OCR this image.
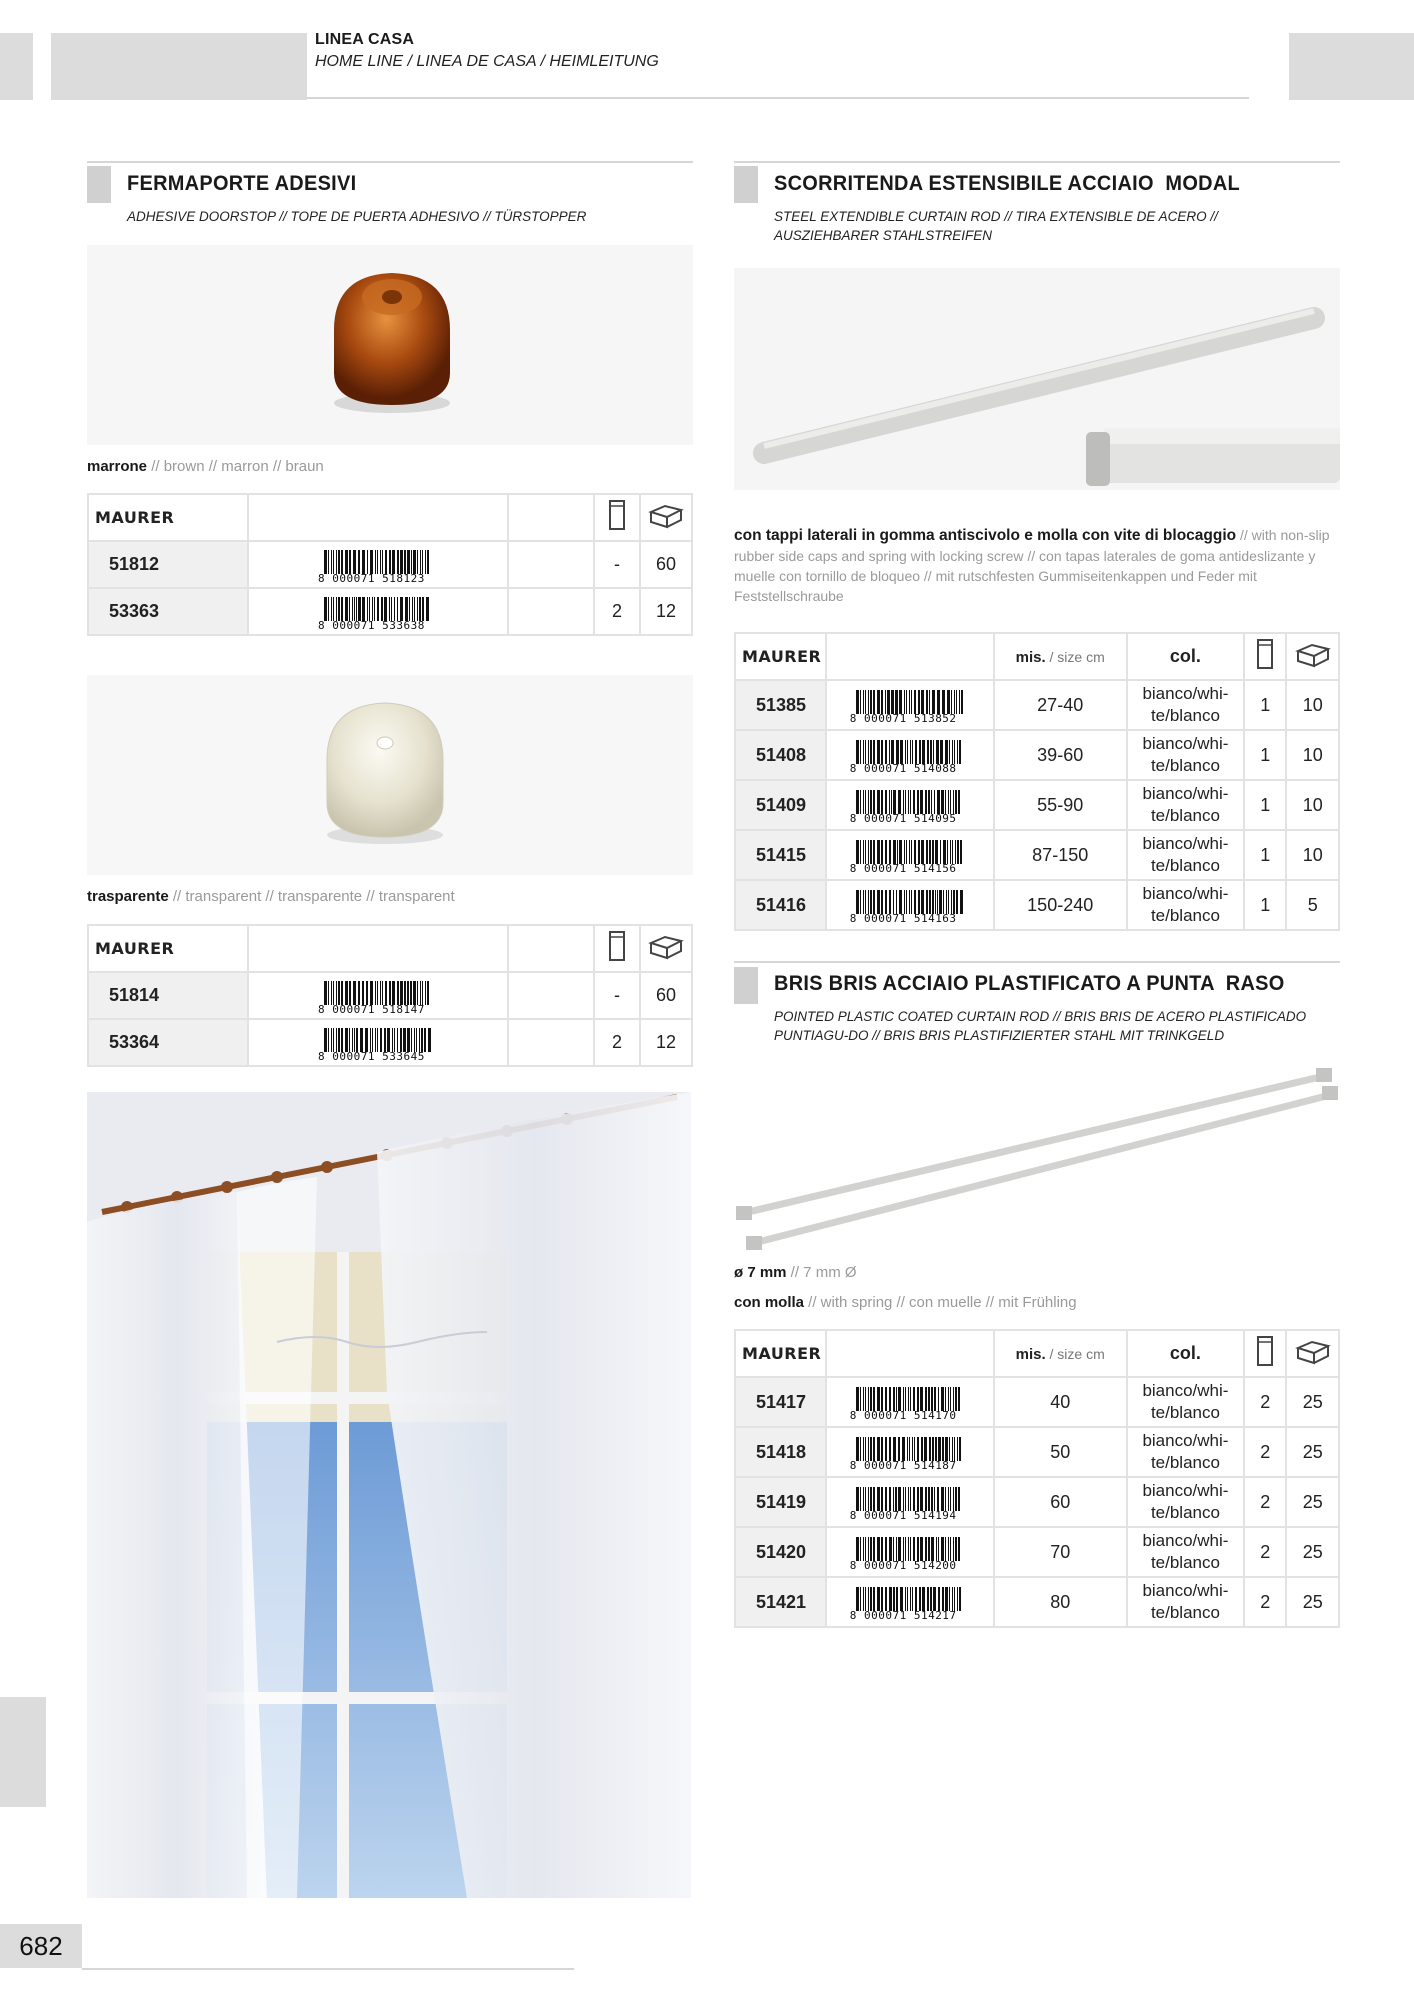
LINEA CASA
HOME LINE / LINEA DE CASA / HEIMLEITUNG
FERMAPORTE ADESIVI
ADHESIVE DOORSTOP // TOPE DE PUERTA ADHESIVO // TÜRSTOPPER
marrone // brown // marron // braun
MAURER				
51812	8 000071 518123		-	60
53363	8 000071 533638		2	12
trasparente // transparent // transparente // transparent
MAURER				
51814	8 000071 518147		-	60
53364	8 000071 533645		2	12
SCORRITENDA ESTENSIBILE ACCIAIO  MODAL
STEEL EXTENDIBLE CURTAIN ROD // TIRA EXTENSIBLE DE ACERO // AUSZIEHBARER STAHLSTREIFEN
con tappi laterali in gomma antiscivolo e molla con vite di blocaggio // with non-slip rubber side caps and spring with locking screw // con tapas laterales de goma antideslizante y muelle con tornillo de bloqueo // mit rutschfesten Gummiseitenkappen und Feder mit Feststellschraube
MAURER		mis. / size cm	col.		
51385	8 000071 513852	27-40	bianco/whi-
te/blanco	1	10
51408	8 000071 514088	39-60	bianco/whi-
te/blanco	1	10
51409	8 000071 514095	55-90	bianco/whi-
te/blanco	1	10
51415	8 000071 514156	87-150	bianco/whi-
te/blanco	1	10
51416	8 000071 514163	150-240	bianco/whi-
te/blanco	1	5
BRIS BRIS ACCIAIO PLASTIFICATO A PUNTA  RASO
POINTED PLASTIC COATED CURTAIN ROD // BRIS BRIS DE ACERO PLASTIFICADO PUNTIAGU-DO // BRIS BRIS PLASTIFIZIERTER STAHL MIT TRINKGELD
ø 7 mm // 7 mm Ø
con molla // with spring // con muelle // mit Frühling
MAURER		mis. / size cm	col.		
51417	8 000071 514170	40	bianco/whi-
te/blanco	2	25
51418	8 000071 514187	50	bianco/whi-
te/blanco	2	25
51419	8 000071 514194	60	bianco/whi-
te/blanco	2	25
51420	8 000071 514200	70	bianco/whi-
te/blanco	2	25
51421	8 000071 514217	80	bianco/whi-
te/blanco	2	25
682
